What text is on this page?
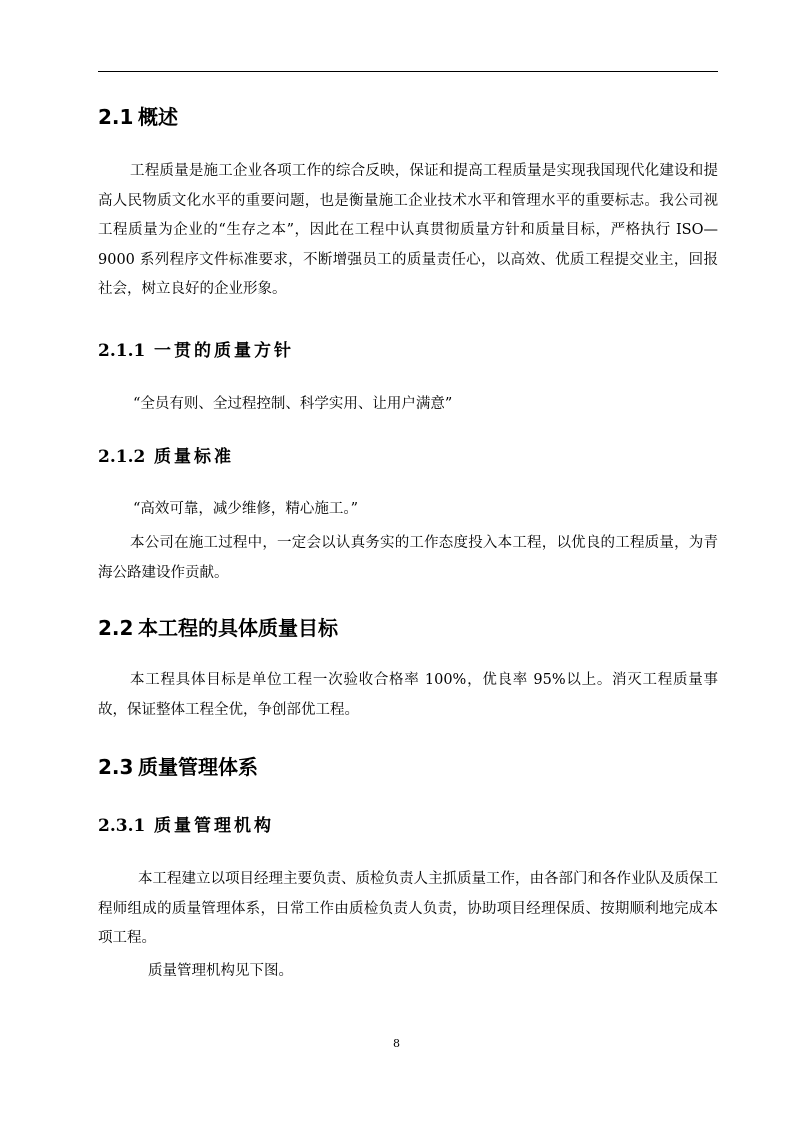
2.1 概述

工程质量是施工企业各项工作的综合反映，保证和提高工程质量是实现我国现代化建设和提高人民物质文化水平的重要问题，也是衡量施工企业技术水平和管理水平的重要标志。我公司视工程质量为企业的“生存之本”，因此在工程中认真贯彻质量方针和质量目标，严格执行 ISO—9000 系列程序文件标准要求，不断增强员工的质量责任心，以高效、优质工程提交业主，回报社会，树立良好的企业形象。

2.1.1 一贯的质量方针

“全员有则、全过程控制、科学实用、让用户满意”

2.1.2 质量标准

“高效可靠，减少维修，精心施工。”

本公司在施工过程中，一定会以认真务实的工作态度投入本工程，以优良的工程质量，为青海公路建设作贡献。

2.2 本工程的具体质量目标

本工程具体目标是单位工程一次验收合格率 100%，优良率 95%以上。消灭工程质量事故，保证整体工程全优，争创部优工程。

2.3 质量管理体系
2.3.1 质量管理机构

本工程建立以项目经理主要负责、质检负责人主抓质量工作，由各部门和各作业队及质保工程师组成的质量管理体系，日常工作由质检负责人负责，协助项目经理保质、按期顺利地完成本项工程。

质量管理机构见下图。

8
